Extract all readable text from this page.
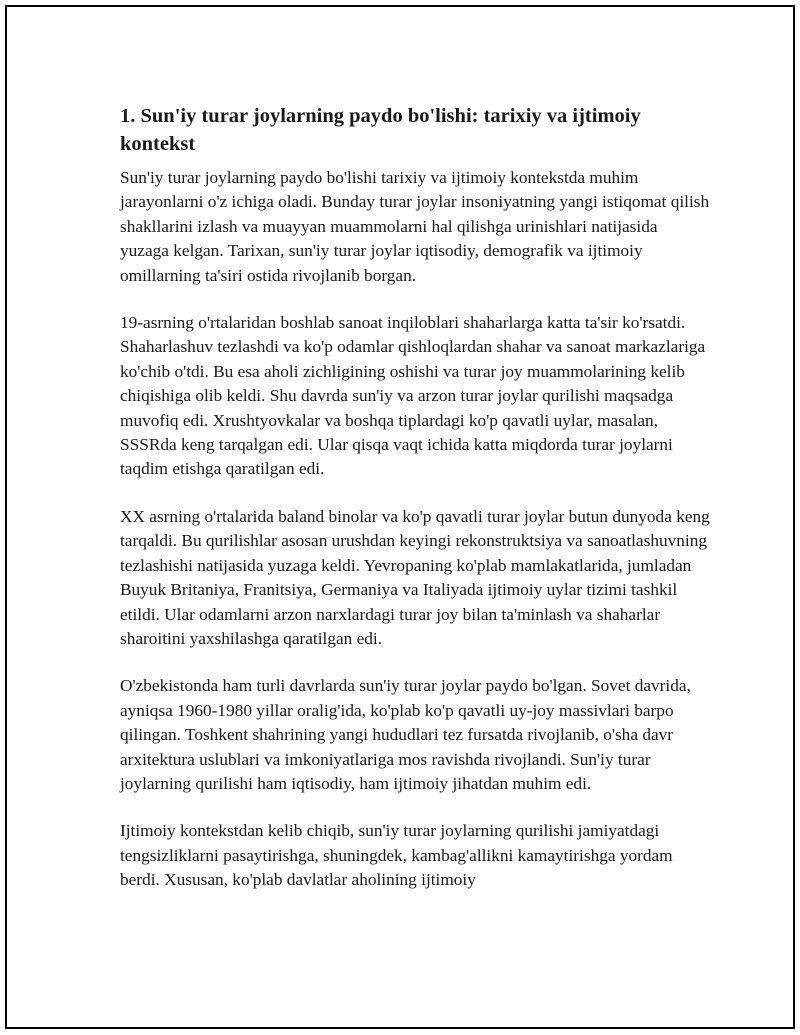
1. Sun'iy turar joylarning paydo bo'lishi: tarixiy va ijtimoiy kontekst

Sun'iy turar joylarning paydo bo'lishi tarixiy va ijtimoiy kontekstda muhim jarayonlarni o'z ichiga oladi. Bunday turar joylar insoniyatning yangi istiqomat qilish shakllarini izlash va muayyan muammolarni hal qilishga urinishlari natijasida yuzaga kelgan. Tarixan, sun'iy turar joylar iqtisodiy, demografik va ijtimoiy omillarning ta'siri ostida rivojlanib borgan.

19-asrning o'rtalaridan boshlab sanoat inqiloblari shaharlarga katta ta'sir ko'rsatdi. Shaharlashuv tezlashdi va ko'p odamlar qishloqlardan shahar va sanoat markazlariga ko'chib o'tdi. Bu esa aholi zichligining oshishi va turar joy muammolarining kelib chiqishiga olib keldi. Shu davrda sun'iy va arzon turar joylar qurilishi maqsadga muvofiq edi. Xrushtyovkalar va boshqa tiplardagi ko'p qavatli uylar, masalan, SSSRda keng tarqalgan edi. Ular qisqa vaqt ichida katta miqdorda turar joylarni taqdim etishga qaratilgan edi.

XX asrning o'rtalarida baland binolar va ko'p qavatli turar joylar butun dunyoda keng tarqaldi. Bu qurilishlar asosan urushdan keyingi rekonstruktsiya va sanoatlashuvning tezlashishi natijasida yuzaga keldi. Yevropaning ko'plab mamlakatlarida, jumladan Buyuk Britaniya, Franitsiya, Germaniya va Italiyada ijtimoiy uylar tizimi tashkil etildi. Ular odamlarni arzon narxlardagi turar joy bilan ta'minlash va shaharlar sharoitini yaxshilashga qaratilgan edi.

O'zbekistonda ham turli davrlarda sun'iy turar joylar paydo bo'lgan. Sovet davrida, ayniqsa 1960-1980 yillar oralig'ida, ko'plab ko'p qavatli uy-joy massivlari barpo qilingan. Toshkent shahrining yangi hududlari tez fursatda rivojlanib, o'sha davr arxitektura uslublari va imkoniyatlariga mos ravishda rivojlandi. Sun'iy turar joylarning qurilishi ham iqtisodiy, ham ijtimoiy jihatdan muhim edi.

Ijtimoiy kontekstdan kelib chiqib, sun'iy turar joylarning qurilishi jamiyatdagi tengsizliklarni pasaytirishga, shuningdek, kambag'allikni kamaytirishga yordam berdi. Xususan, ko'plab davlatlar aholining ijtimoiy
